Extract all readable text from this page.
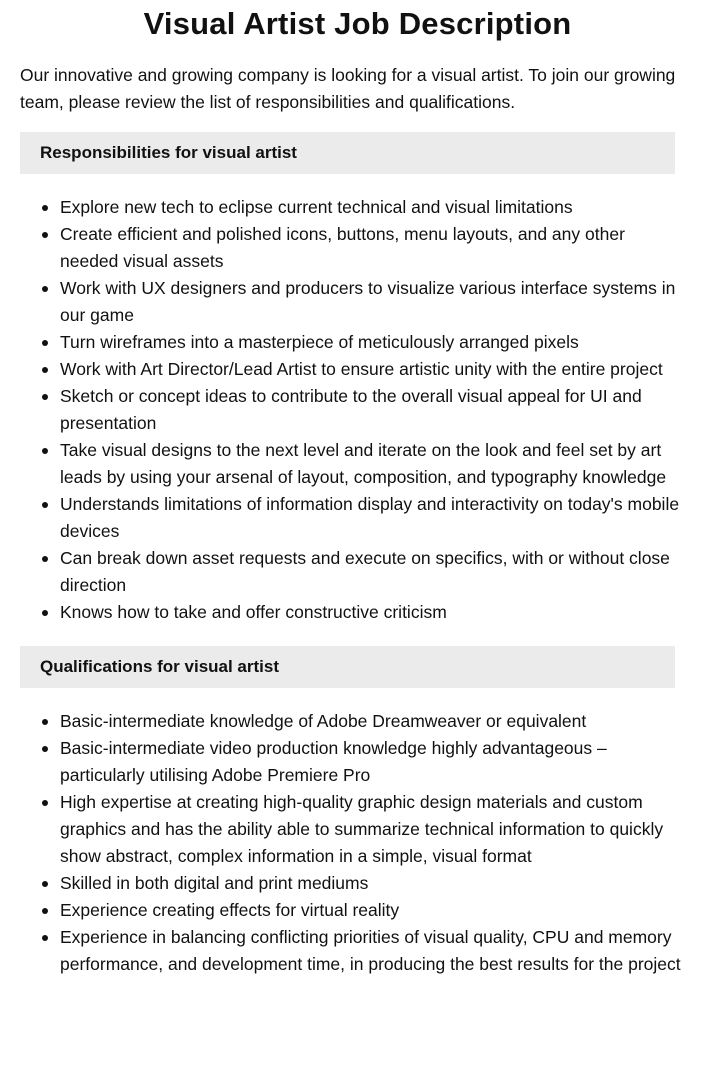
Visual Artist Job Description

Our innovative and growing company is looking for a visual artist. To join our growing team, please review the list of responsibilities and qualifications.

Responsibilities for visual artist
Explore new tech to eclipse current technical and visual limitations
Create efficient and polished icons, buttons, menu layouts, and any other needed visual assets
Work with UX designers and producers to visualize various interface systems in our game
Turn wireframes into a masterpiece of meticulously arranged pixels
Work with Art Director/Lead Artist to ensure artistic unity with the entire project
Sketch or concept ideas to contribute to the overall visual appeal for UI and presentation
Take visual designs to the next level and iterate on the look and feel set by art leads by using your arsenal of layout, composition, and typography knowledge
Understands limitations of information display and interactivity on today's mobile devices
Can break down asset requests and execute on specifics, with or without close direction
Knows how to take and offer constructive criticism
Qualifications for visual artist
Basic-intermediate knowledge of Adobe Dreamweaver or equivalent
Basic-intermediate video production knowledge highly advantageous – particularly utilising Adobe Premiere Pro
High expertise at creating high-quality graphic design materials and custom graphics and has the ability able to summarize technical information to quickly show abstract, complex information in a simple, visual format
Skilled in both digital and print mediums
Experience creating effects for virtual reality
Experience in balancing conflicting priorities of visual quality, CPU and memory performance, and development time, in producing the best results for the project
